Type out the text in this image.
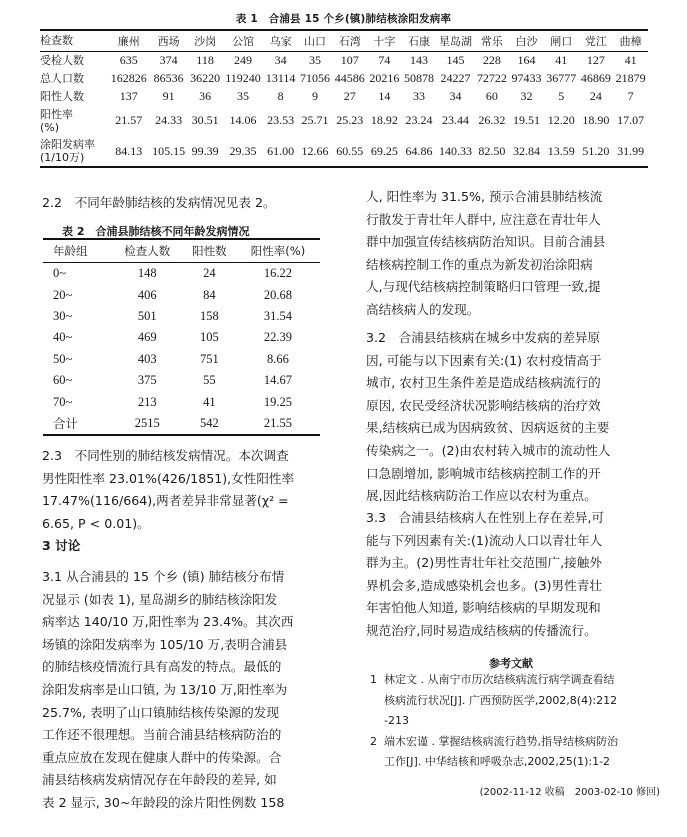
表 1　合浦县 15 个乡(镇)肺结核涂阳发病率
检查数	廉州	西场	沙岗	公馆	乌家	山口	石湾	十字	石康	星岛湖	常乐	白沙	闸口	党江	曲樟

受检人数	635	374	118	249	34	35	107	74	143	145	228	164	41	127	41

总人口数	162826	86536	36220	119240	13114	71056	44586	20216	50878	24227	72722	97433	36777	46869	21879

阳性人数	137	91	36	35	8	9	27	14	33	34	60	32	5	24	7

阳性率
(%)	21.57	24.33	30.51	14.06	23.53	25.71	25.23	18.92	23.24	23.44	26.32	19.51	12.20	18.90	17.07

涂阳发病率
(1/10万)	84.13	105.15	99.39	29.35	61.00	12.66	60.55	69.25	64.86	140.33	82.50	32.84	13.59	51.20	31.99
2.2　不同年龄肺结核的发病情况见表 2。
表 2　合浦县肺结核不同年龄发病情况
年龄组	检查人数	阳性数	阳性率(%)
0~	148	24	16.22
20~	406	84	20.68
30~	501	158	31.54
40~	469	105	22.39
50~	403	751	8.66
60~	375	55	14.67
70~	213	41	19.25
合计	2515	542	21.55
2.3　不同性别的肺结核发病情况。本次调查
男性阳性率 23.01%(426/1851),女性阳性率
17.47%(116/664),两者差异非常显著(χ² =
6.65, P < 0.01)。
3 讨论
3.1 从合浦县的 15 个乡 (镇) 肺结核分布情
况显示 (如表 1), 星岛湖乡的肺结核涂阳发
病率达 140/10 万,阳性率为 23.4%。其次西
场镇的涂阳发病率为 105/10 万,表明合浦县
的肺结核疫情流行具有高发的特点。最低的
涂阳发病率是山口镇, 为 13/10 万,阳性率为
25.7%, 表明了山口镇肺结核传染源的发现
工作还不很理想。当前合浦县结核病防治的
重点应放在发现在健康人群中的传染源。合
浦县结核病发病情况存在年龄段的差异, 如
表 2 显示, 30~年龄段的涂片阳性例数 158
人, 阳性率为 31.5%, 预示合浦县肺结核流
行散发于青壮年人群中, 应注意在青壮年人
群中加强宣传结核病防治知识。目前合浦县
结核病控制工作的重点为新发初治涂阳病
人,与现代结核病控制策略归口管理一致,提
高结核病人的发现。
3.2　合浦县结核病在城乡中发病的差异原
因, 可能与以下因素有关:(1) 农村疫情高于
城市, 农村卫生条件差是造成结核病流行的
原因, 农民受经济状况影响结核病的治疗效
果,结核病已成为因病致贫、因病返贫的主要
传染病之一。(2)由农村转入城市的流动性人
口急剧增加, 影响城市结核病控制工作的开
展,因此结核病防治工作应以农村为重点。
3.3　合浦县结核病人在性别上存在差异,可
能与下列因素有关:(1)流动人口以青壮年人
群为主。(2)男性青壮年社交范围广,接触外
界机会多,造成感染机会也多。(3)男性青壮
年害怕他人知道, 影响结核病的早期发现和
规范治疗,同时易造成结核病的传播流行。
参考文献
1 林定文 . 从南宁市历次结核病流行病学调查看结
核病流行状况[J]. 广西预防医学,2002,8(4):212
-213
2 端木宏谨 . 掌握结核病流行趋势,指导结核病防治
工作[J]. 中华结核和呼吸杂志,2002,25(1):1-2
(2002-11-12 收稿　2003-02-10 修回)
